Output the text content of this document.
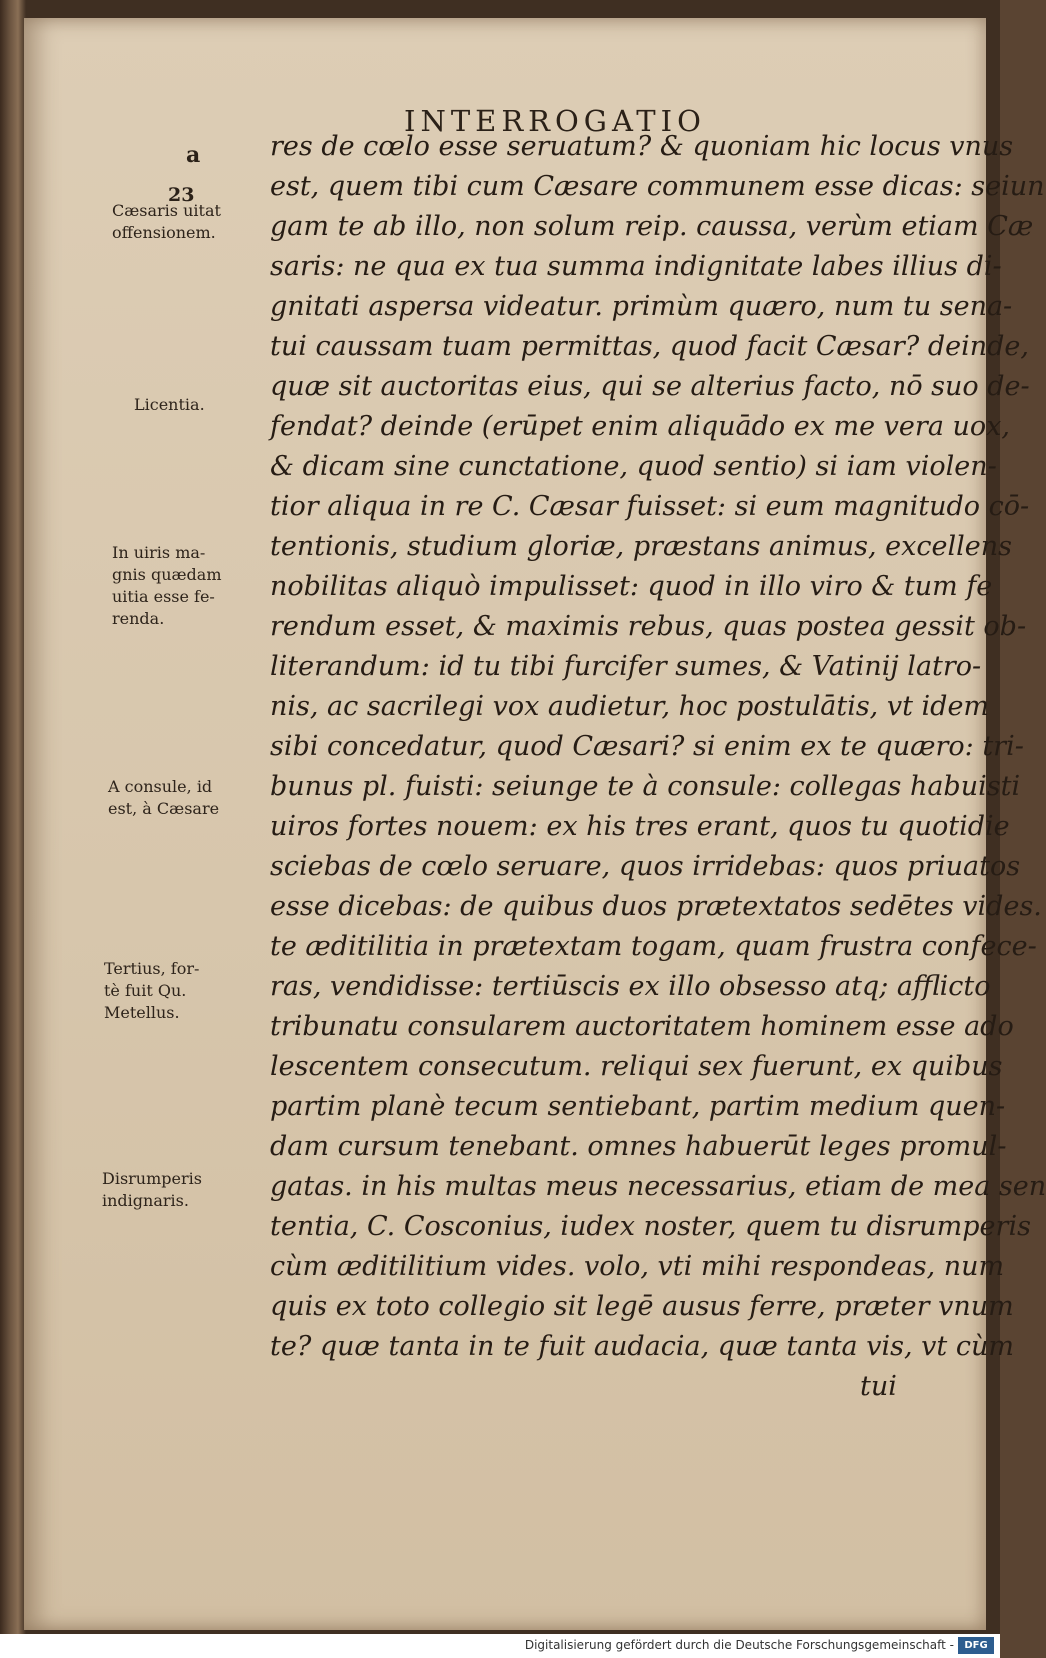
INTERROGATIO
a
23
Cæsaris uitat
offensionem.
Licentia.
In uiris ma-
gnis quædam
uitia esse fe-
renda.
A consule, id
est, à Cæsare
Tertius, for-
tè fuit Qu.
Metellus.
Disrumperis
indignaris.
res de cœlo esse seruatum? & quoniam hic locus vnus
est, quem tibi cum Cæsare communem esse dicas: seiun
gam te ab illo, non solum reip. caussa, verùm etiam Cæ
saris: ne qua ex tua summa indignitate labes illius di-
gnitati aspersa videatur. primùm quæro, num tu sena-
tui caussam tuam permittas, quod facit Cæsar? deinde,
quæ sit auctoritas eius, qui se alterius facto, nō suo de-
fendat? deinde (erūpet enim aliquādo ex me vera uox,
& dicam sine cunctatione, quod sentio) si iam violen-
tior aliqua in re C. Cæsar fuisset: si eum magnitudo cō-
tentionis, studium gloriæ, præstans animus, excellens
nobilitas aliquò impulisset: quod in illo viro & tum fe
rendum esset, & maximis rebus, quas postea gessit ob-
literandum: id tu tibi furcifer sumes, & Vatinij latro-
nis, ac sacrilegi vox audietur, hoc postulātis, vt idem
sibi concedatur, quod Cæsari? si enim ex te quæro: tri-
bunus pl. fuisti: seiunge te à consule: collegas habuisti
uiros fortes nouem: ex his tres erant, quos tu quotidie
sciebas de cœlo seruare, quos irridebas: quos priuatos
esse dicebas: de quibus duos prætextatos sedētes vides.
te æditilitia in prætextam togam, quam frustra confece-
ras, vendidisse: tertiūscis ex illo obsesso atq; afflicto
tribunatu consularem auctoritatem hominem esse ado
lescentem consecutum. reliqui sex fuerunt, ex quibus
partim planè tecum sentiebant, partim medium quen-
dam cursum tenebant. omnes habuerūt leges promul-
gatas. in his multas meus necessarius, etiam de mea sen
tentia, C. Cosconius, iudex noster, quem tu disrumperis
cùm æditilitium vides. volo, vti mihi respondeas, num
quis ex toto collegio sit legē ausus ferre, præter vnum
te? quæ tanta in te fuit audacia, quæ tanta vis, vt cùm
tui
Digitalisierung gefördert durch die Deutsche Forschungsgemeinschaft -	DFG
